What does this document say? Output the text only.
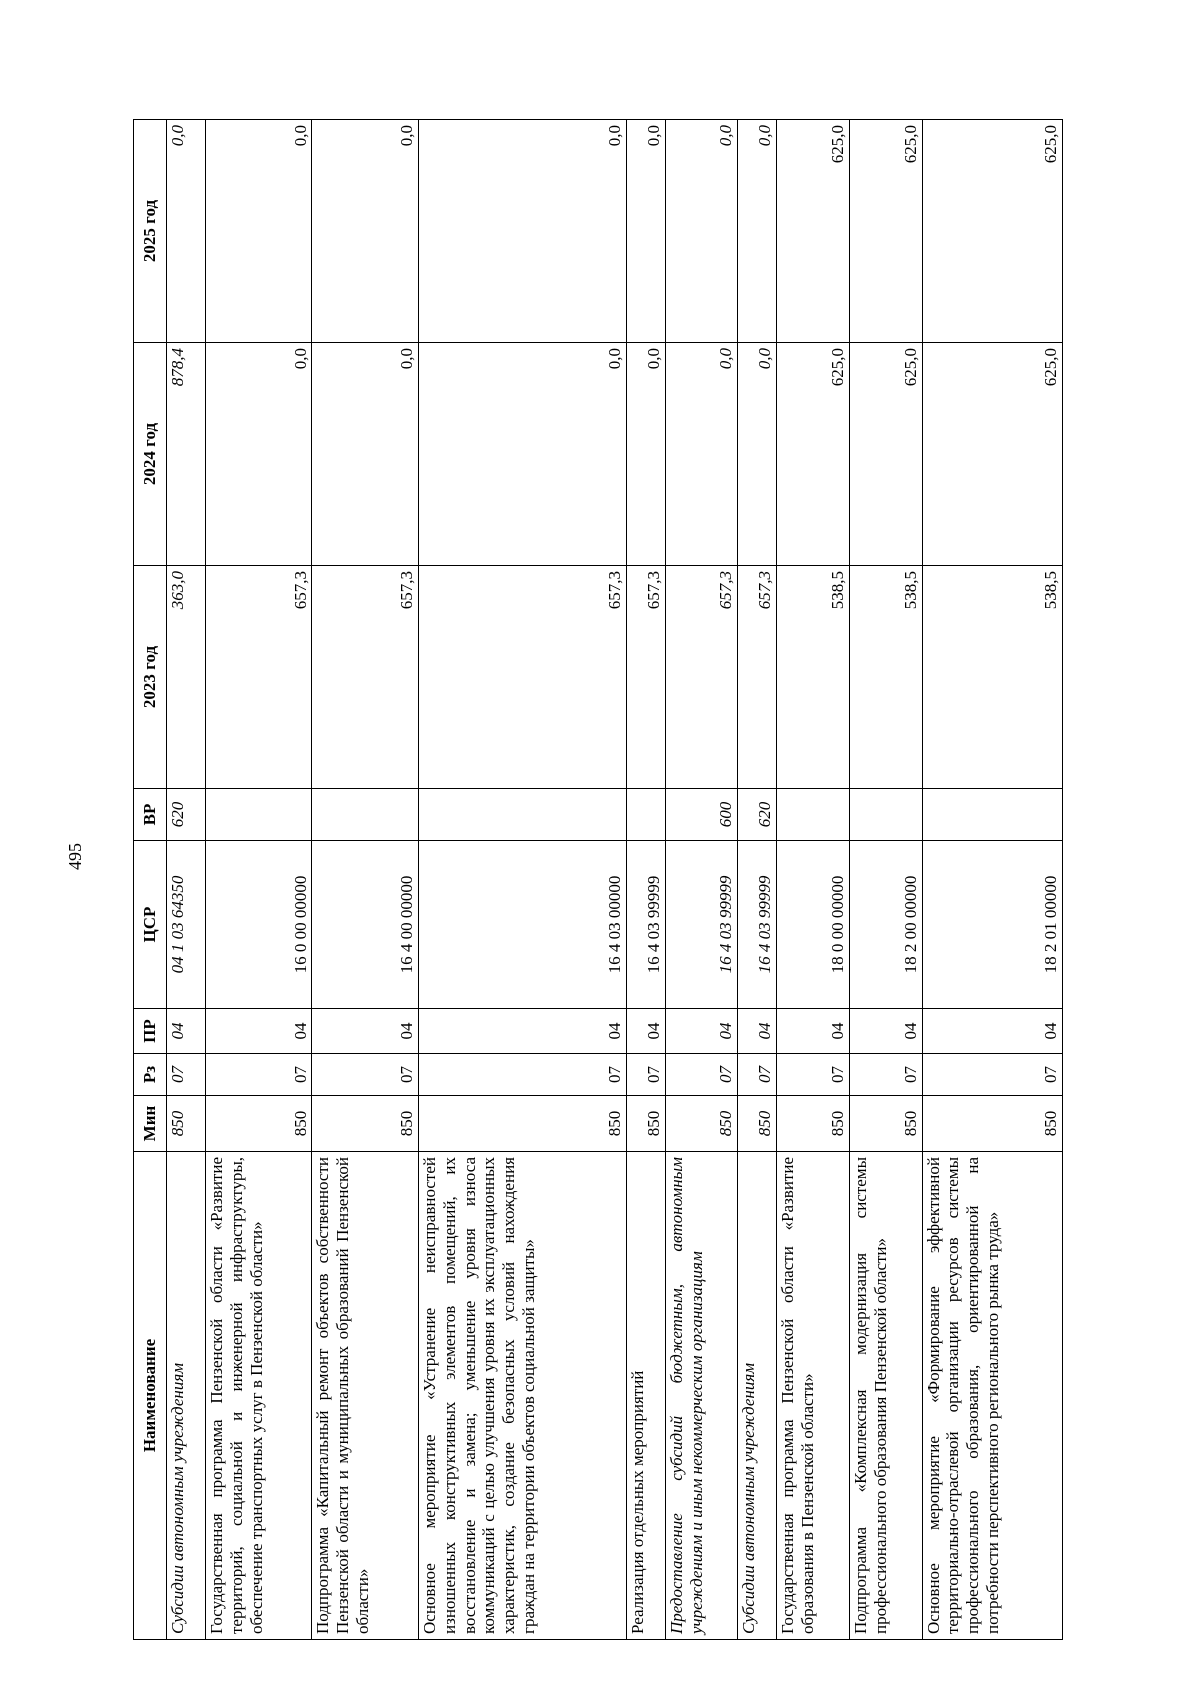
495
Наименование	Мин	Рз	ПР	ЦСР	ВР	2023 год	2024 год	2025 год
Субсидии автономным учреждениям	850	07	04	04 1 03 64350	620	363,0	878,4	0,0
Государственная программа Пензенской области «Развитие территорий, социальной и инженерной инфраструктуры, обеспечение транспортных услуг в Пензенской области»	850	07	04	16 0 00 00000		657,3	0,0	0,0
Подпрограмма «Капитальный ремонт объектов собственности Пензенской области и муниципальных образований Пензенской области»	850	07	04	16 4 00 00000		657,3	0,0	0,0
Основное мероприятие «Устранение неисправностей изношенных конструктивных элементов помещений, их восстановление и замена; уменьшение уровня износа коммуникаций с целью улучшения уровня их эксплуатационных характеристик, создание безопасных условий нахождения граждан на территории объектов социальной защиты»	850	07	04	16 4 03 00000		657,3	0,0	0,0
Реализация отдельных мероприятий	850	07	04	16 4 03 99999		657,3	0,0	0,0
Предоставление субсидий бюджетным, автономным учреждениям и иным некоммерческим организациям	850	07	04	16 4 03 99999	600	657,3	0,0	0,0
Субсидии автономным учреждениям	850	07	04	16 4 03 99999	620	657,3	0,0	0,0
Государственная программа Пензенской области «Развитие образования в Пензенской области»	850	07	04	18 0 00 00000		538,5	625,0	625,0
Подпрограмма «Комплексная модернизация системы профессионального образования Пензенской области»	850	07	04	18 2 00 00000		538,5	625,0	625,0
Основное мероприятие «Формирование эффективной территориально-отраслевой организации ресурсов системы профессионального образования, ориентированной на потребности перспективного регионального рынка труда»	850	07	04	18 2 01 00000		538,5	625,0	625,0
